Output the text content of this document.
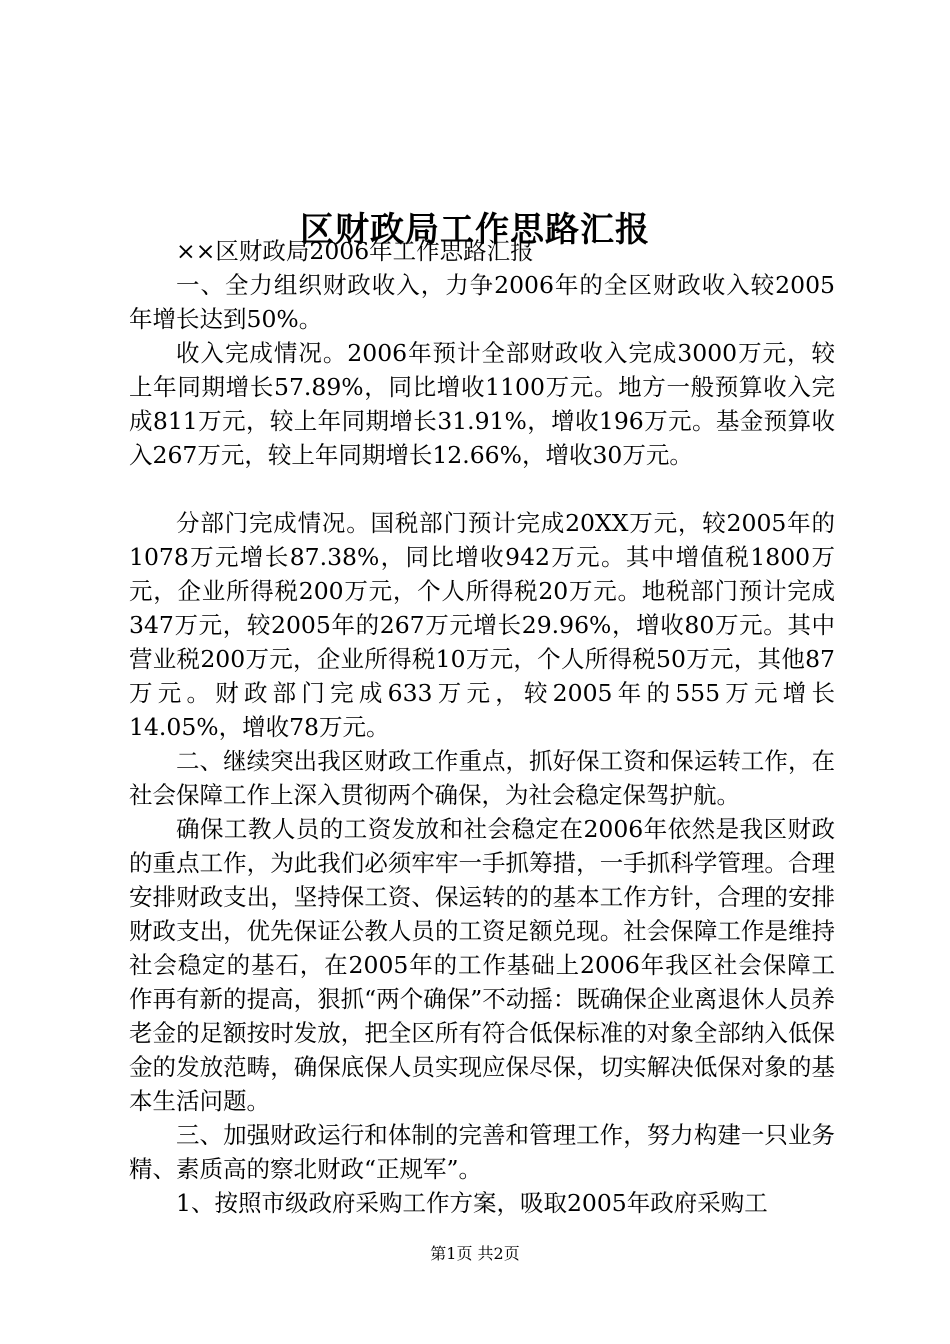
区财政局工作思路汇报

××区财政局2006年工作思路汇报

一、全力组织财政收入，力争2006年的全区财政收入较2005年增长达到50%。

收入完成情况。2006年预计全部财政收入完成3000万元，较上年同期增长57.89%，同比增收1100万元。地方一般预算收入完成811万元，较上年同期增长31.91%，增收196万元。基金预算收入267万元，较上年同期增长12.66%，增收30万元。

分部门完成情况。国税部门预计完成20XX万元，较2005年的1078万元增长87.38%，同比增收942万元。其中增值税1800万元，企业所得税200万元，个人所得税20万元。地税部门预计完成347万元，较2005年的267万元增长29.96%，增收80万元。其中营业税200万元，企业所得税10万元，个人所得税50万元，其他87万元。财政部门完成633万元，较2005年的555万元增长14.05%，增收78万元。

二、继续突出我区财政工作重点，抓好保工资和保运转工作，在社会保障工作上深入贯彻两个确保，为社会稳定保驾护航。

确保工教人员的工资发放和社会稳定在2006年依然是我区财政的重点工作，为此我们必须牢牢一手抓筹措，一手抓科学管理。合理安排财政支出，坚持保工资、保运转的的基本工作方针，合理的安排财政支出，优先保证公教人员的工资足额兑现。社会保障工作是维持社会稳定的基石，在2005年的工作基础上2006年我区社会保障工作再有新的提高，狠抓“两个确保”不动摇：既确保企业离退休人员养老金的足额按时发放，把全区所有符合低保标准的对象全部纳入低保金的发放范畴，确保底保人员实现应保尽保，切实解决低保对象的基本生活问题。

三、加强财政运行和体制的完善和管理工作，努力构建一只业务精、素质高的察北财政“正规军”。

1、按照市级政府采购工作方案，吸取2005年政府采购工

第1页 共2页
